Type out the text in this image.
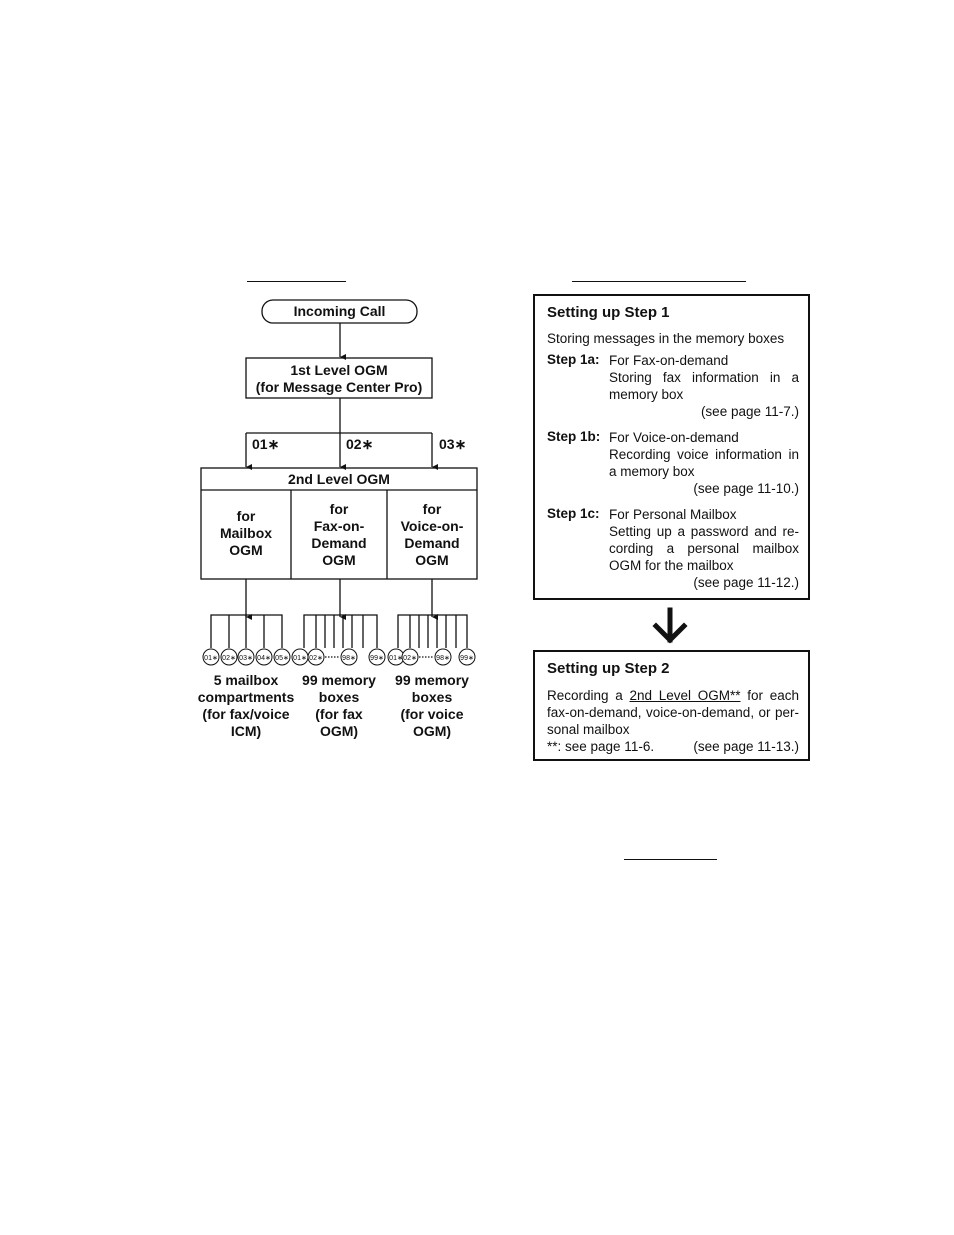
01∗ 02∗ 03∗ 04∗ 05∗ 01∗ 02∗	98∗ 99∗ 01∗ 02∗	98∗ 99∗
Incoming Call
1st Level OGM
(for Message Center Pro)
01∗	02∗	03∗
2nd Level OGM
for
Mailbox
OGM
for
Fax-on-
Demand
OGM
for
Voice-on-
Demand
OGM
5 mailbox
compartments
(for fax/voice
ICM)
99 memory
boxes
(for fax
OGM)
99 memory
boxes
(for voice
OGM)
Setting up Step 1
Storing messages in the memory boxes
Step 1a: For Fax-on-demand
Storing fax information in a memory box
(see page 11-7.)
Step 1b: For Voice-on-demand
Recording voice information in a memory box
(see page 11-10.)
Step 1c: For Personal Mailbox
Setting up a password and re-cording a personal mailbox OGM for the mailbox
(see page 11-12.)
Setting up Step 2
Recording a 2nd Level OGM** for each fax-on-demand, voice-on-demand, or per-sonal mailbox
**: see page 11-6.	(see page 11-13.)
